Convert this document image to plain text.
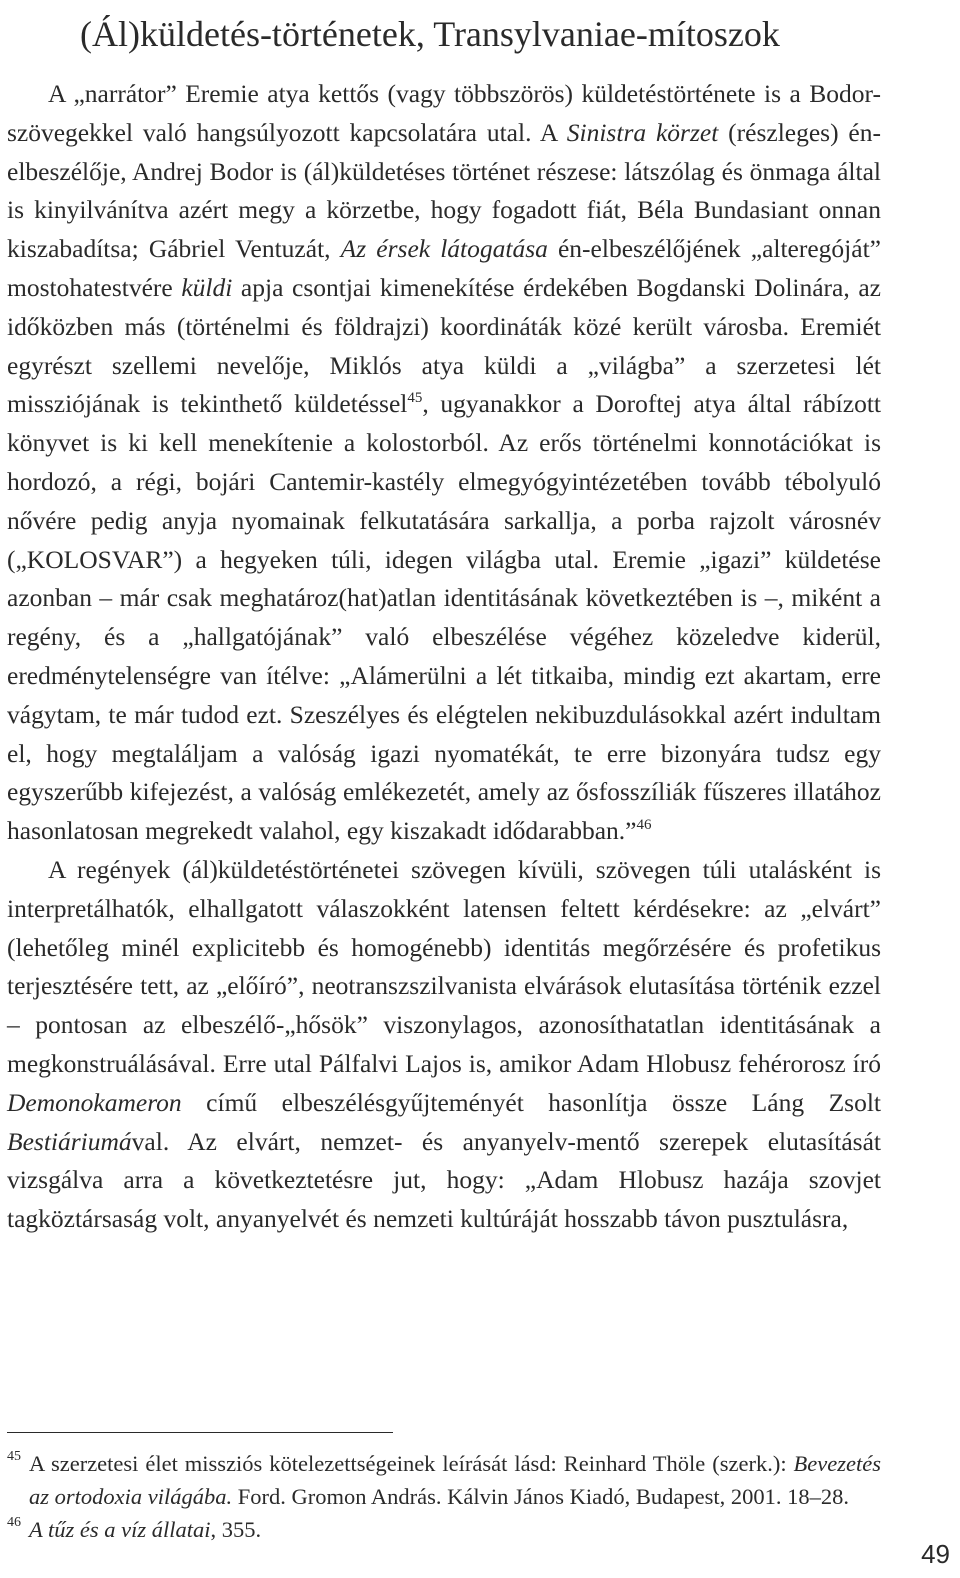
(Ál)küldetés-történetek, Transylvaniae-mítoszok

A „narrátor” Eremie atya kettős (vagy többszörös) küldetéstörténete is a Bodor-szövegekkel való hangsúlyozott kapcsolatára utal. A Sinistra körzet (részleges) én-elbeszélője, Andrej Bodor is (ál)küldetéses történet részese: látszólag és önmaga által is kinyilvánítva azért megy a körzetbe, hogy fogadott fiát, Béla Bundasiant onnan kiszabadítsa; Gábriel Ventuzát, Az érsek látogatása én-elbeszélőjének „alteregóját” mostohatestvére küldi apja csontjai kimenekítése érdekében Bogdanski Dolinára, az időközben más (történelmi és földrajzi) koordináták közé került városba. Eremiét egyrészt szellemi nevelője, Miklós atya küldi a „világba” a szerzetesi lét missziójának is tekinthető küldetéssel$^{45}$, ugyanakkor a Doroftej atya által rábízott könyvet is ki kell menekítenie a kolostorból. Az erős történelmi konnotációkat is hordozó, a régi, bojári Cantemir-kastély elmegyógyintézetében tovább tébolyuló nővére pedig anyja nyomainak felkutatására sarkallja, a porba rajzolt városnév („KOLOSVAR”) a hegyeken túli, idegen világba utal. Eremie „igazi” küldetése azonban – már csak meghatároz(hat)atlan identitásának következtében is –, miként a regény, és a „hallgatójának” való elbeszélése végéhez közeledve kiderül, eredménytelenségre van ítélve: „Alámerülni a lét titkaiba, mindig ezt akartam, erre vágytam, te már tudod ezt. Szeszélyes és elégtelen nekibuzdulásokkal azért indultam el, hogy megtaláljam a valóság igazi nyomatékát, te erre bizonyára tudsz egy egyszerűbb kifejezést, a valóság emlékezetét, amely az ősfosszíliák fűszeres illatához hasonlatosan megrekedt valahol, egy kiszakadt idődarabban.”$^{46}$

A regények (ál)küldetéstörténetei szövegen kívüli, szövegen túli utalásként is interpretálhatók, elhallgatott válaszokként latensen feltett kérdésekre: az „elvárt” (lehetőleg minél explicitebb és homogénebb) identitás megőrzésére és profetikus terjesztésére tett, az „előíró”, neotranszszilvanista elvárások elutasítása történik ezzel – pontosan az elbeszélő-„hősök” viszonylagos, azonosíthatatlan identitásának a megkonstruálásával. Erre utal Pálfalvi Lajos is, amikor Adam Hlobusz fehérorosz író Demonokameron című elbeszélésgyűjteményét hasonlítja össze Láng Zsolt Bestiáriumával. Az elvárt, nemzet- és anyanyelv-mentő szerepek elutasítását vizsgálva arra a következtetésre jut, hogy: „Adam Hlobusz hazája szovjet tagköztársaság volt, anyanyelvét és nemzeti kultúráját hosszabb távon pusztulásra,

45 A szerzetesi élet missziós kötelezettségeinek leírását lásd: Reinhard Thöle (szerk.): Bevezetés az ortodoxia világába. Ford. Gromon András. Kálvin János Kiadó, Budapest, 2001. 18–28.

46 A tűz és a víz állatai, 355.

49
